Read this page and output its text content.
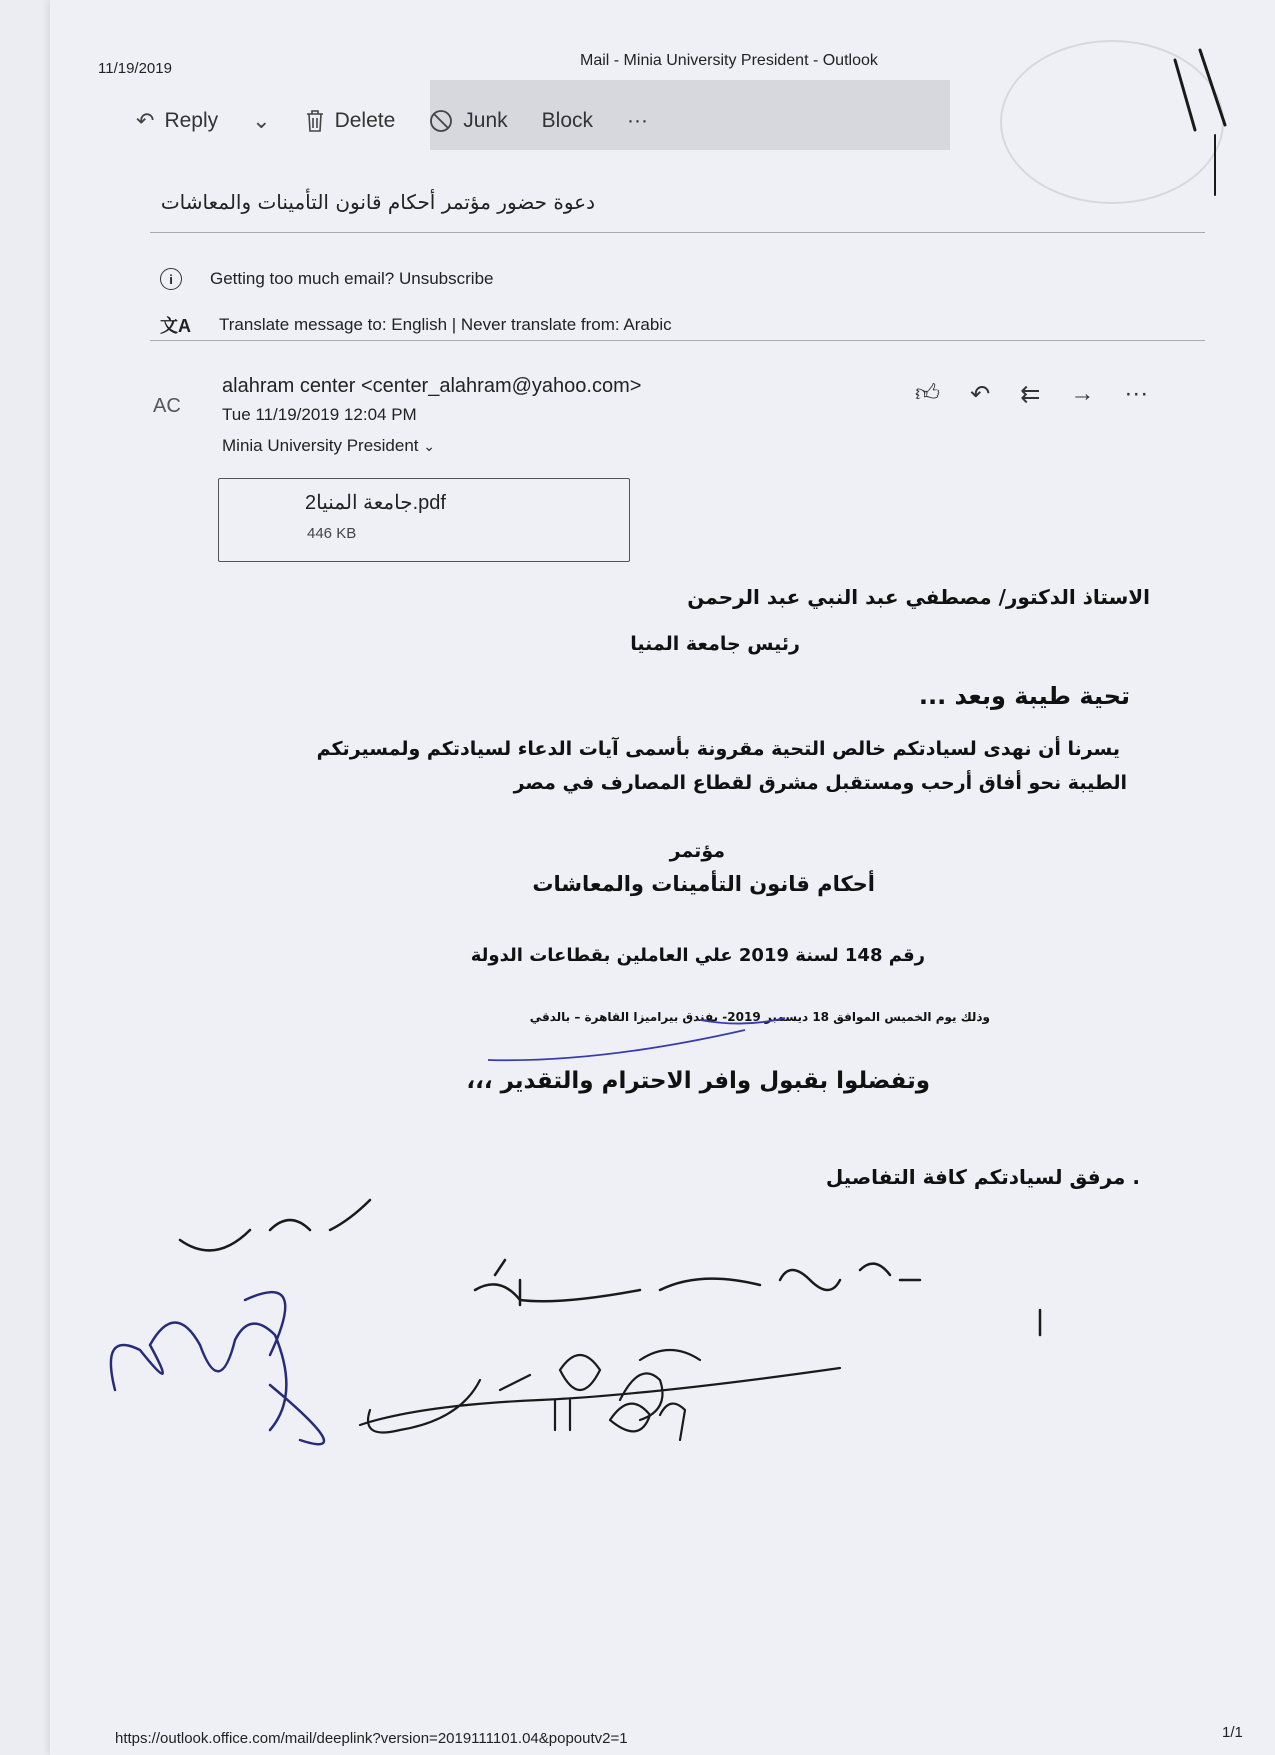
11/19/2019	Mail - Minia University President - Outlook
↶ Reply ⌄	Delete	Junk Block ···
دعوة حضور مؤتمر أحكام قانون التأمينات والمعاشات
i	Getting too much email? Unsubscribe
文A Translate message to: English | Never translate from: Arabic
AC
alahram center <center_alahram@yahoo.com>
Tue 11/19/2019 12:04 PM
Minia University President ⌄
👍︎ ↶ ⇇ → ···
جامعة المنيا2.pdf
446 KB
الاستاذ الدكتور/ مصطفي عبد النبي عبد الرحمن
رئيس جامعة المنيا
تحية طيبة وبعد ...
يسرنا أن نهدى لسيادتكم خالص التحية مقرونة بأسمى آيات الدعاء لسيادتكم ولمسيرتكم
الطيبة نحو أفاق أرحب ومستقبل مشرق لقطاع المصارف في مصر
مؤتمر
أحكام قانون التأمينات والمعاشات
رقم 148 لسنة 2019 علي العاملين بقطاعات الدولة
وذلك يوم الخميس الموافق 18 ديسمبر 2019- بفندق بيراميزا القاهرة – بالدقي
وتفضلوا بقبول وافر الاحترام والتقدير ،،،
. مرفق لسيادتكم كافة التفاصيل
https://outlook.office.com/mail/deeplink?version=2019111101.04&popoutv2=1	1/1
